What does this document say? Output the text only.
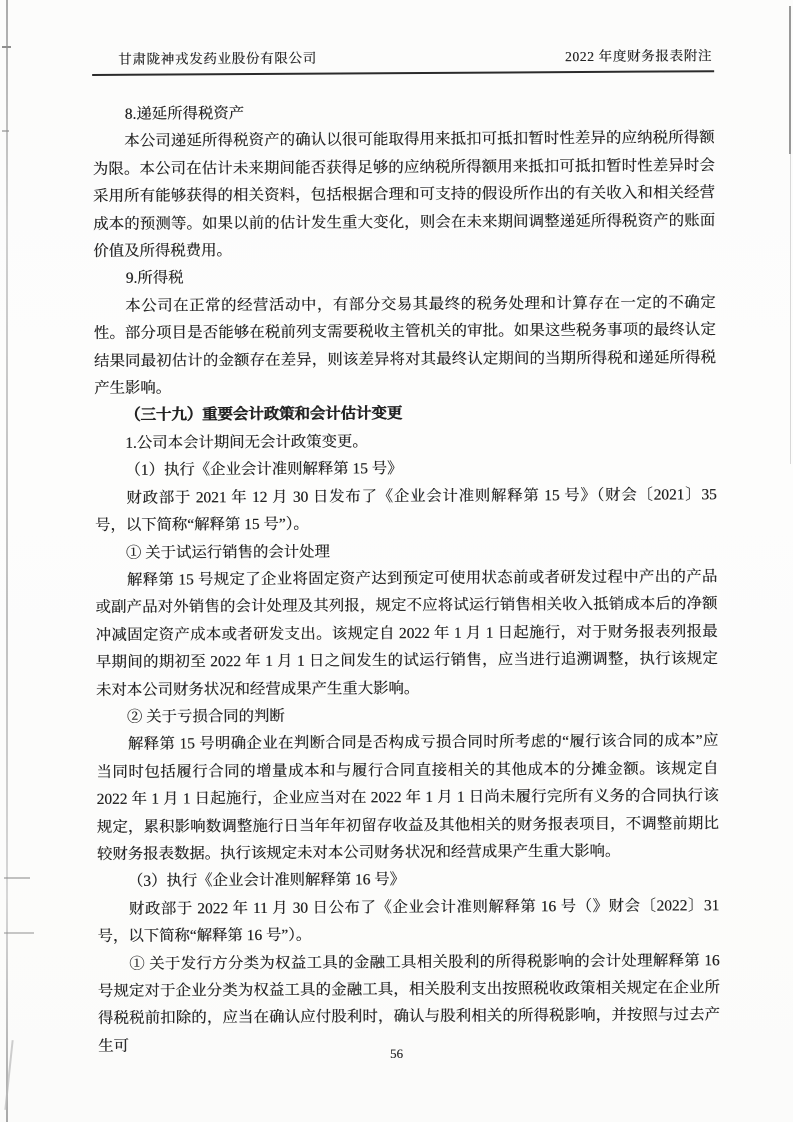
甘肃陇神戎发药业股份有限公司	2022 年度财务报表附注
8.递延所得税资产
本公司递延所得税资产的确认以很可能取得用来抵扣可抵扣暂时性差异的应纳税所得额为限。本公司在估计未来期间能否获得足够的应纳税所得额用来抵扣可抵扣暂时性差异时会采用所有能够获得的相关资料，包括根据合理和可支持的假设所作出的有关收入和相关经营成本的预测等。如果以前的估计发生重大变化，则会在未来期间调整递延所得税资产的账面价值及所得税费用。
9.所得税
本公司在正常的经营活动中，有部分交易其最终的税务处理和计算存在一定的不确定性。部分项目是否能够在税前列支需要税收主管机关的审批。如果这些税务事项的最终认定结果同最初估计的金额存在差异，则该差异将对其最终认定期间的当期所得税和递延所得税产生影响。
（三十九）重要会计政策和会计估计变更
1.公司本会计期间无会计政策变更。
（1）执行《企业会计准则解释第 15 号》
财政部于 2021 年 12 月 30 日发布了《企业会计准则解释第 15 号》（财会〔2021〕35 号，以下简称“解释第 15 号”）。
① 关于试运行销售的会计处理
解释第 15 号规定了企业将固定资产达到预定可使用状态前或者研发过程中产出的产品或副产品对外销售的会计处理及其列报，规定不应将试运行销售相关收入抵销成本后的净额冲减固定资产成本或者研发支出。该规定自 2022 年 1 月 1 日起施行，对于财务报表列报最早期间的期初至 2022 年 1 月 1 日之间发生的试运行销售，应当进行追溯调整，执行该规定未对本公司财务状况和经营成果产生重大影响。
② 关于亏损合同的判断
解释第 15 号明确企业在判断合同是否构成亏损合同时所考虑的“履行该合同的成本”应当同时包括履行合同的增量成本和与履行合同直接相关的其他成本的分摊金额。该规定自 2022 年 1 月 1 日起施行，企业应当对在 2022 年 1 月 1 日尚未履行完所有义务的合同执行该规定，累积影响数调整施行日当年年初留存收益及其他相关的财务报表项目，不调整前期比较财务报表数据。执行该规定未对本公司财务状况和经营成果产生重大影响。
（3）执行《企业会计准则解释第 16 号》
财政部于 2022 年 11 月 30 日公布了《企业会计准则解释第 16 号（》财会〔2022〕31 号，以下简称“解释第 16 号”）。
① 关于发行方分类为权益工具的金融工具相关股利的所得税影响的会计处理解释第 16 号规定对于企业分类为权益工具的金融工具，相关股利支出按照税收政策相关规定在企业所得税税前扣除的，应当在确认应付股利时，确认与股利相关的所得税影响，并按照与过去产生可	56
